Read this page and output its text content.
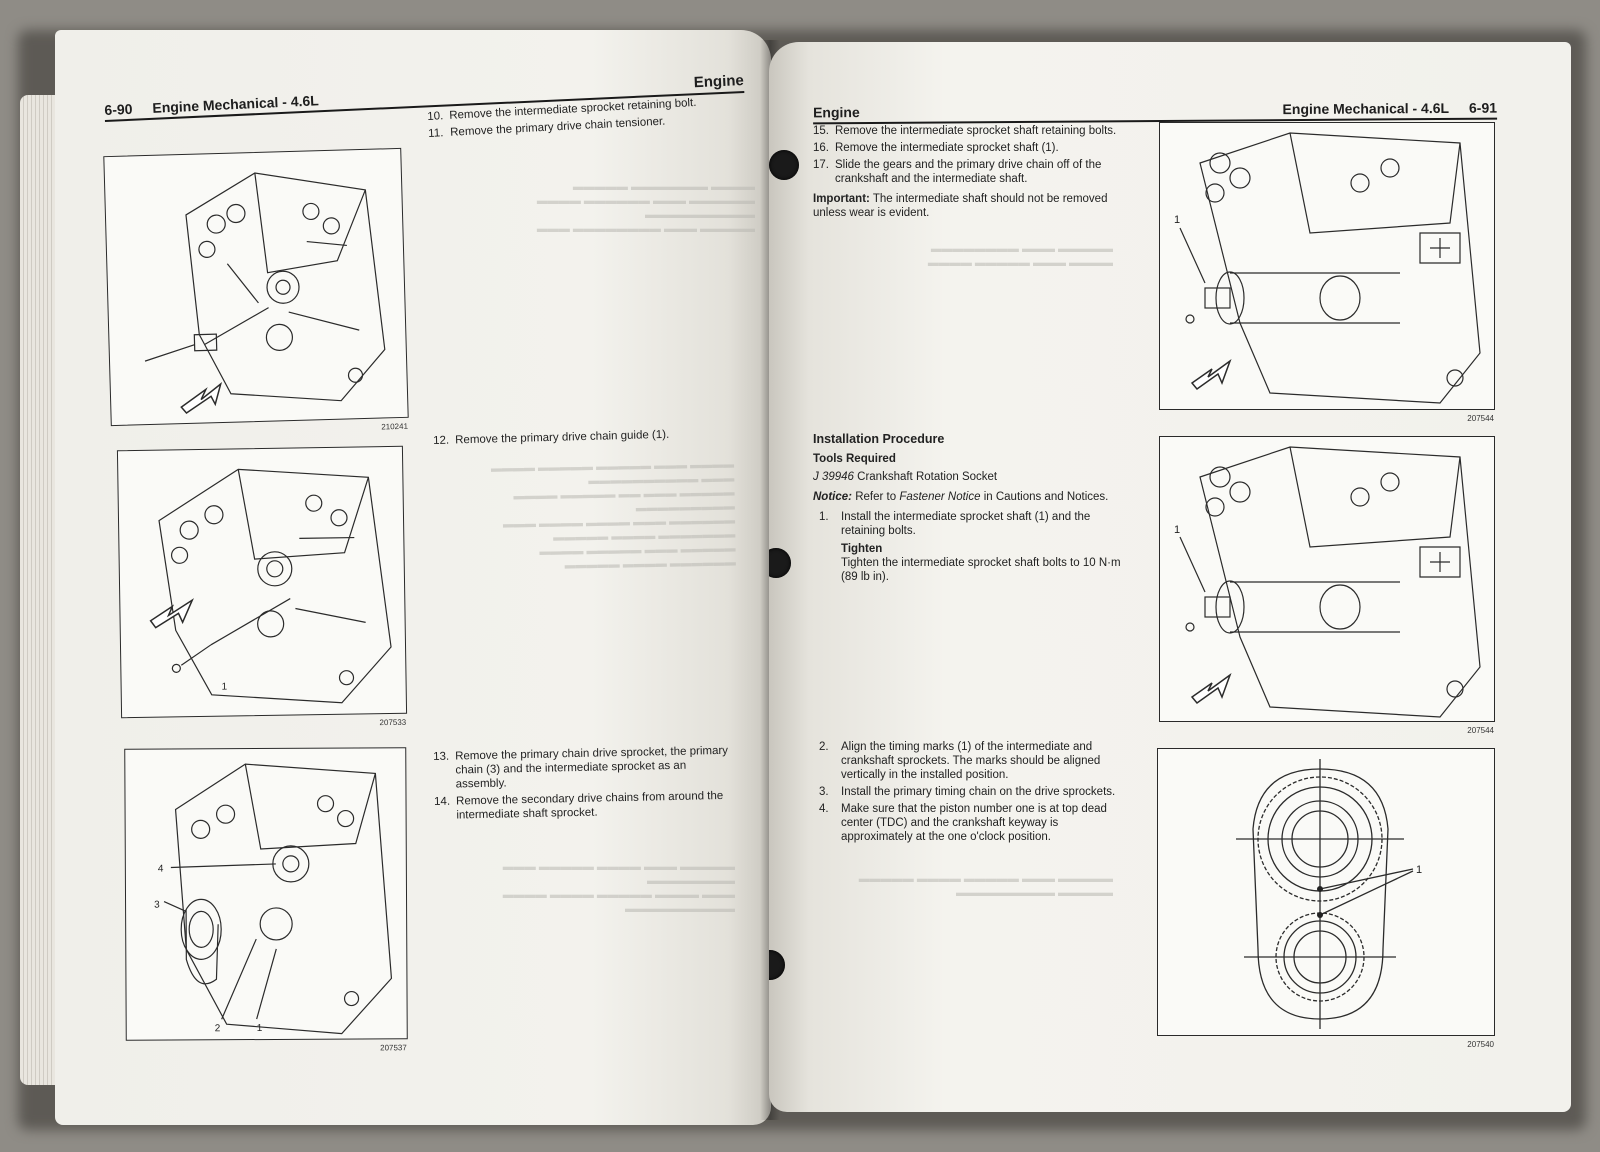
6-90 Engine Mechanical - 4.6L
Engine
▬▬▬▬ ▬▬▬▬▬▬▬ ▬▬▬▬▬
▬▬▬▬▬▬ ▬▬▬ ▬▬▬▬▬▬ ▬▬▬▬
▬▬▬▬▬▬▬▬▬▬
▬▬▬▬▬ ▬▬▬ ▬▬▬▬▬▬▬▬ ▬▬▬
210241
1
207533
4
3
2	1
207537
10. Remove the intermediate sprocket retaining bolt.
11. Remove the primary drive chain tensioner.
12. Remove the primary drive chain guide (1).
▬▬▬▬ ▬▬▬ ▬▬▬▬▬ ▬▬▬▬▬ ▬▬▬▬
▬▬▬ ▬▬▬▬▬▬▬▬▬▬
▬▬▬▬▬ ▬▬▬ ▬▬ ▬▬▬▬▬ ▬▬▬▬
▬▬▬▬▬▬▬▬▬
▬▬▬▬▬▬ ▬▬▬ ▬▬▬▬ ▬▬▬▬ ▬▬▬
▬▬▬▬▬▬▬ ▬▬▬▬ ▬▬▬▬▬
▬▬▬▬▬ ▬▬▬ ▬▬▬▬▬ ▬▬▬▬
▬▬▬▬▬▬ ▬▬▬▬ ▬▬▬▬▬
13. Remove the primary chain drive sprocket, the primary chain (3) and the intermediate sprocket as an assembly.
14. Remove the secondary drive chains from around the intermediate shaft sprocket.
▬▬▬▬▬ ▬▬▬ ▬▬▬▬ ▬▬▬▬▬ ▬▬▬
▬▬▬▬▬▬▬▬
▬▬▬ ▬▬▬▬ ▬▬▬▬▬ ▬▬▬▬ ▬▬▬▬
▬▬▬▬▬▬▬▬▬▬
Engine	Engine Mechanical - 4.6L 6-91
15. Remove the intermediate sprocket shaft retaining bolts.
16. Remove the intermediate sprocket shaft (1).
17. Slide the gears and the primary drive chain off of the crankshaft and the intermediate shaft.
Important: The intermediate shaft should not be removed unless wear is evident.
▬▬▬▬▬ ▬▬▬ ▬▬▬▬▬▬▬▬
▬▬▬▬ ▬▬▬ ▬▬▬▬▬ ▬▬▬▬
Installation Procedure
Tools Required
J 39946 Crankshaft Rotation Socket
Notice: Refer to Fastener Notice in Cautions and Notices.
1.	Install the intermediate sprocket shaft (1) and the retaining bolts.
Tighten
Tighten the intermediate sprocket shaft bolts to 10 N·m (89 lb in).
2.	Align the timing marks (1) of the intermediate and crankshaft sprockets. The marks should be aligned vertically in the installed position.
3.	Install the primary timing chain on the drive sprockets.
4.	Make sure that the piston number one is at top dead center (TDC) and the crankshaft keyway is approximately at the one o'clock position.
▬▬▬▬▬ ▬▬▬ ▬▬▬▬▬ ▬▬▬▬ ▬▬▬▬▬
▬▬▬▬▬ ▬▬▬▬▬▬▬▬▬
1
207544
1
207544
1
207540
